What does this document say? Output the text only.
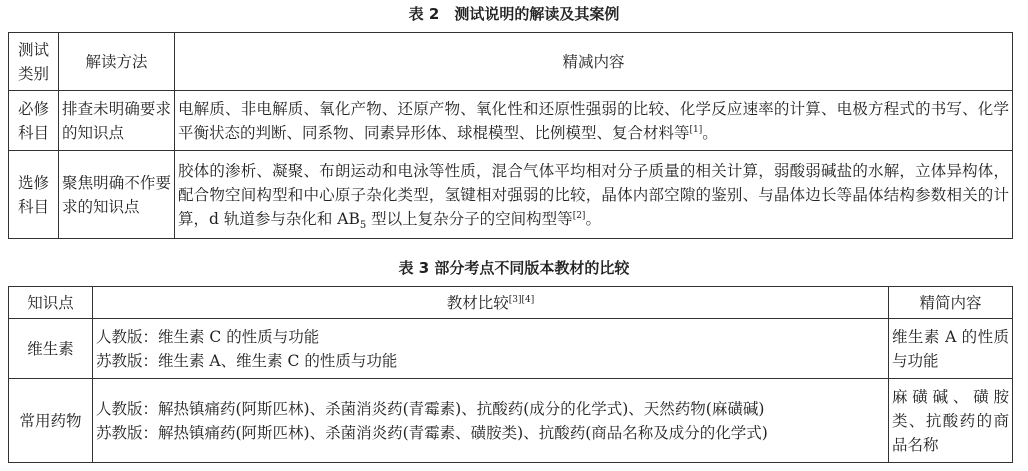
表 2　测试说明的解读及其案例
测试
类别	解读方法	精减内容
必修
科目	排查未明确要求的知识点	电解质、非电解质、氧化产物、还原产物、氧化性和还原性强弱的比较、化学反应速率的计算、电极方程式的书写、化学平衡状态的判断、同系物、同素异形体、球棍模型、比例模型、复合材料等[1]。
选修
科目	聚焦明确不作要求的知识点	胶体的渗析、凝聚、布朗运动和电泳等性质，混合气体平均相对分子质量的相关计算，弱酸弱碱盐的水解，立体异构体，配合物空间构型和中心原子杂化类型，氢键相对强弱的比较，晶体内部空隙的鉴别、与晶体边长等晶体结构参数相关的计算，d 轨道参与杂化和 $AB_5$ 型以上复杂分子的空间构型等[2]。
表 3 部分考点不同版本教材的比较
知识点	教材比较[3][4]	精简内容
维生素	人教版：维生素 C 的性质与功能
苏教版：维生素 A、维生素 C 的性质与功能	维生素 A 的性质与功能
常用药物	人教版：解热镇痛药(阿斯匹林)、杀菌消炎药(青霉素)、抗酸药(成分的化学式)、天然药物(麻磺碱)
苏教版：解热镇痛药(阿斯匹林)、杀菌消炎药(青霉素、磺胺类)、抗酸药(商品名称及成分的化学式)	麻磺碱、磺胺类、抗酸药的商品名称
